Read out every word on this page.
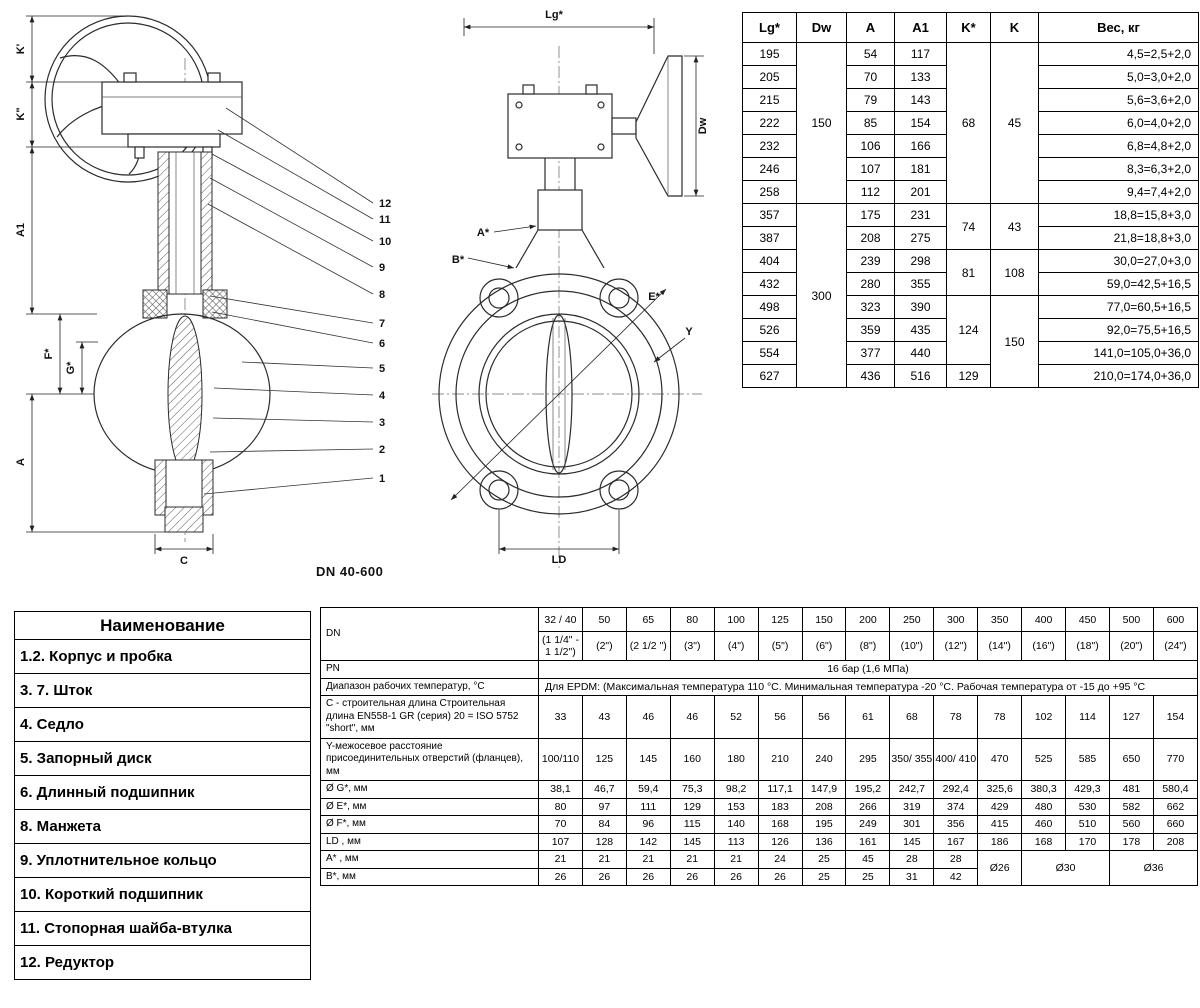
K'
K"
A1
F*
G*
A
C
12
11
10
9
8
7
6
5
4
3
2
1
Lg*
Dw
A*
B*
E*
Y
LD
DN 40-600
Lg*	Dw	A	A1	K*	K	Вес, кг
195	150	54	117	68	45	4,5=2,5+2,0
205		70	133			5,0=3,0+2,0
215		79	143			5,6=3,6+2,0
222		85	154			6,0=4,0+2,0
232		106	166			6,8=4,8+2,0
246		107	181			8,3=6,3+2,0
258		112	201			9,4=7,4+2,0
357	300	175	231	74	43	18,8=15,8+3,0
387		208	275			21,8=18,8+3,0
404		239	298	81	108	30,0=27,0+3,0
432		280	355			59,0=42,5+16,5
498		323	390	124	150	77,0=60,5+16,5
526		359	435			92,0=75,5+16,5
554		377	440			141,0=105,0+36,0
627		436	516	129		210,0=174,0+36,0
Наименование
1.2. Корпус и пробка
3. 7. Шток
4. Седло
5. Запорный диск
6. Длинный подшипник
8. Манжета
9. Уплотнительное кольцо
10. Короткий подшипник
11. Стопорная шайба-втулка
12. Редуктор
DN	32 / 40	50	65	80	100	125	150	200	250	300	350	400	450	500	600
	(1 1/4" - 1 1/2")	(2")	(2 1/2 ")	(3")	(4")	(5")	(6")	(8")	(10")	(12")	(14")	(16")	(18")	(20")	(24")
PN	16 бар (1,6 МПа)														
Диапазон рабочих температур, °C	Для EPDM: (Максимальная температура 110 °C. Минимальная температура -20 °C. Рабочая температура от -15 до +95 °C														
C - строительная длина Строительная длина EN558-1 GR (серия) 20 = ISO 5752 "short", мм	33	43	46	46	52	56	56	61	68	78	78	102	114	127	154
Y-межосевое расстояние присоединительных отверстий (фланцев), мм	100/110	125	145	160	180	210	240	295	350/ 355	400/ 410	470	525	585	650	770
Ø G*, мм	38,1	46,7	59,4	75,3	98,2	117,1	147,9	195,2	242,7	292,4	325,6	380,3	429,3	481	580,4
Ø E*, мм	80	97	111	129	153	183	208	266	319	374	429	480	530	582	662
Ø F*, мм	70	84	96	115	140	168	195	249	301	356	415	460	510	560	660
LD , мм	107	128	142	145	113	126	136	161	145	167	186	168	170	178	208
A* , мм	21	21	21	21	21	24	25	45	28	28	Ø26	Ø30		Ø36	
B*, мм	26	26	26	26	26	26	25	25	31	42					
